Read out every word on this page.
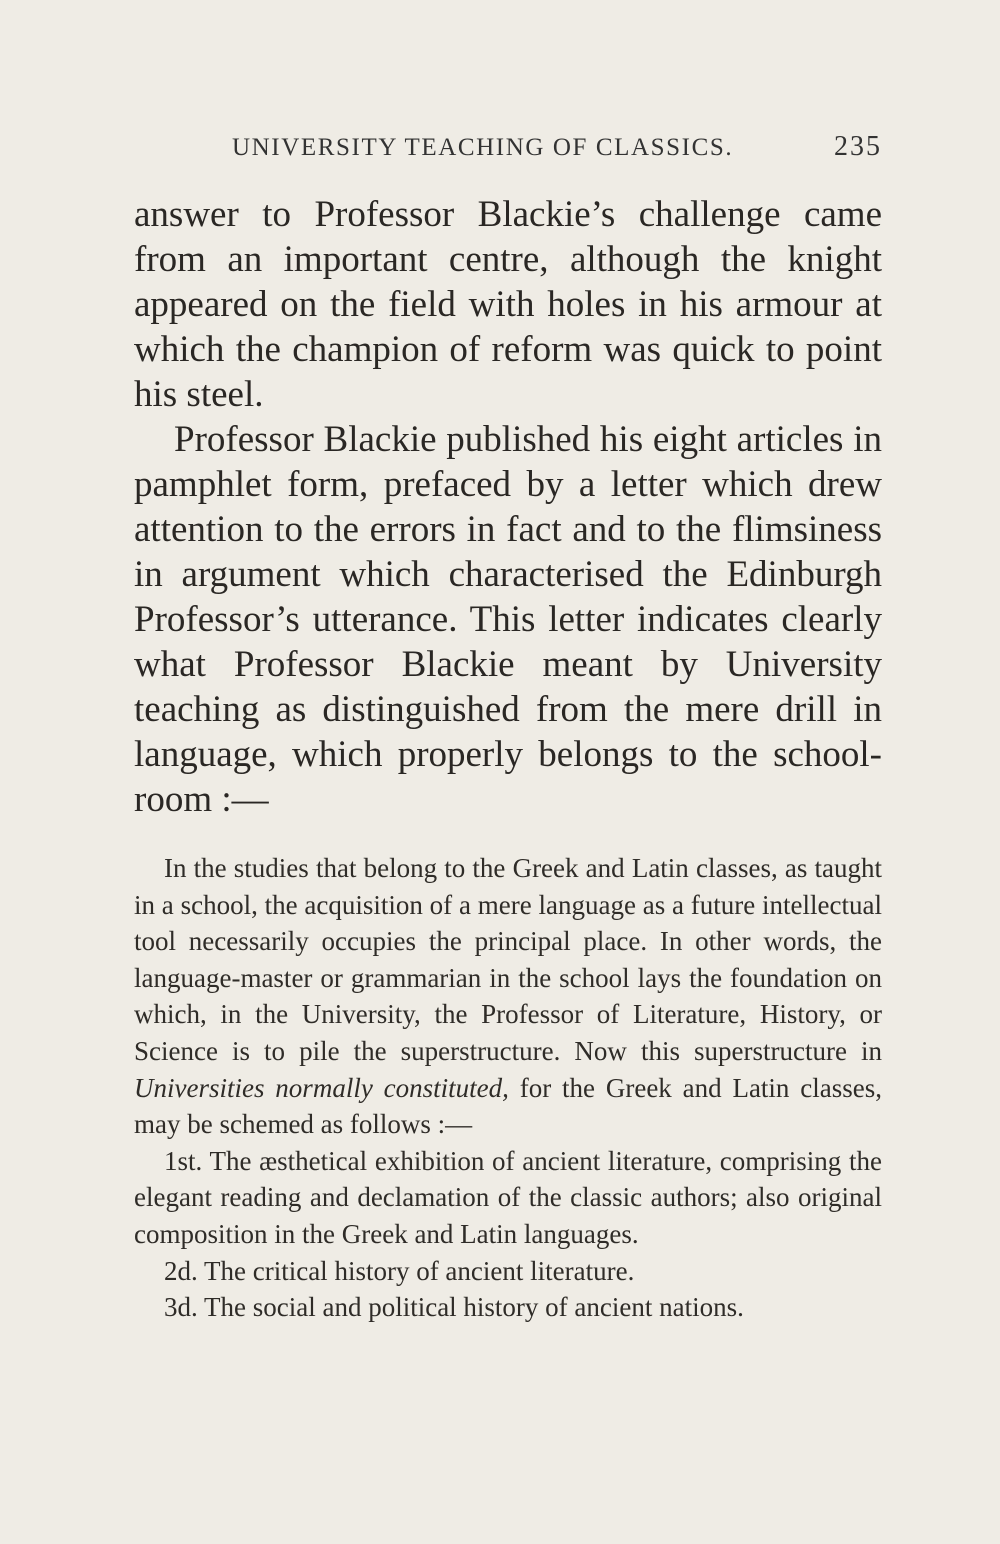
UNIVERSITY TEACHING OF CLASSICS.	235

answer to Professor Blackie’s challenge came from an important centre, although the knight appeared on the field with holes in his armour at which the champion of reform was quick to point his steel.

Professor Blackie published his eight articles in pamphlet form, prefaced by a letter which drew attention to the errors in fact and to the flimsiness in argument which characterised the Edinburgh Professor’s utterance. This letter indicates clearly what Professor Blackie meant by University teaching as distinguished from the mere drill in language, which properly belongs to the school-room :—

In the studies that belong to the Greek and Latin classes, as taught in a school, the acquisition of a mere language as a future intellectual tool necessarily occupies the principal place. In other words, the language-master or grammarian in the school lays the foundation on which, in the University, the Professor of Literature, History, or Science is to pile the superstructure. Now this superstructure in Universities normally constituted, for the Greek and Latin classes, may be schemed as follows :—

1st. The æsthetical exhibition of ancient literature, comprising the elegant reading and declamation of the classic authors; also original composition in the Greek and Latin languages.

2d. The critical history of ancient literature.

3d. The social and political history of ancient nations.
